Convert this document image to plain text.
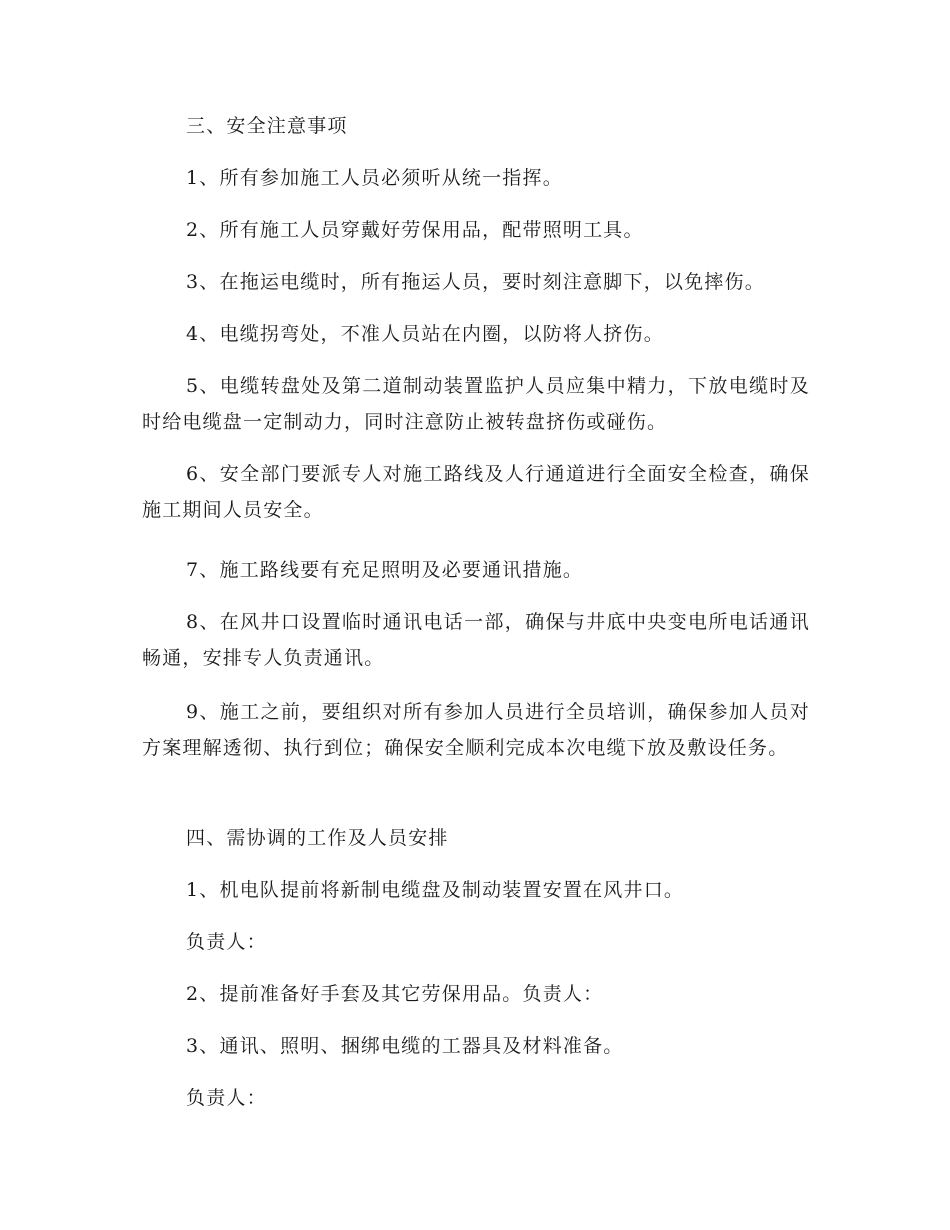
三、安全注意事项

1、所有参加施工人员必须听从统一指挥。

2、所有施工人员穿戴好劳保用品，配带照明工具。

3、在拖运电缆时，所有拖运人员，要时刻注意脚下，以免摔伤。

4、电缆拐弯处，不准人员站在内圈，以防将人挤伤。

5、电缆转盘处及第二道制动装置监护人员应集中精力，下放电缆时及时给电缆盘一定制动力，同时注意防止被转盘挤伤或碰伤。

6、安全部门要派专人对施工路线及人行通道进行全面安全检查，确保施工期间人员安全。

7、施工路线要有充足照明及必要通讯措施。

8、在风井口设置临时通讯电话一部，确保与井底中央变电所电话通讯畅通，安排专人负责通讯。

9、施工之前，要组织对所有参加人员进行全员培训，确保参加人员对方案理解透彻、执行到位；确保安全顺利完成本次电缆下放及敷设任务。

四、需协调的工作及人员安排

1、机电队提前将新制电缆盘及制动装置安置在风井口。

负责人：

2、提前准备好手套及其它劳保用品。负责人：

3、通讯、照明、捆绑电缆的工器具及材料准备。

负责人：
